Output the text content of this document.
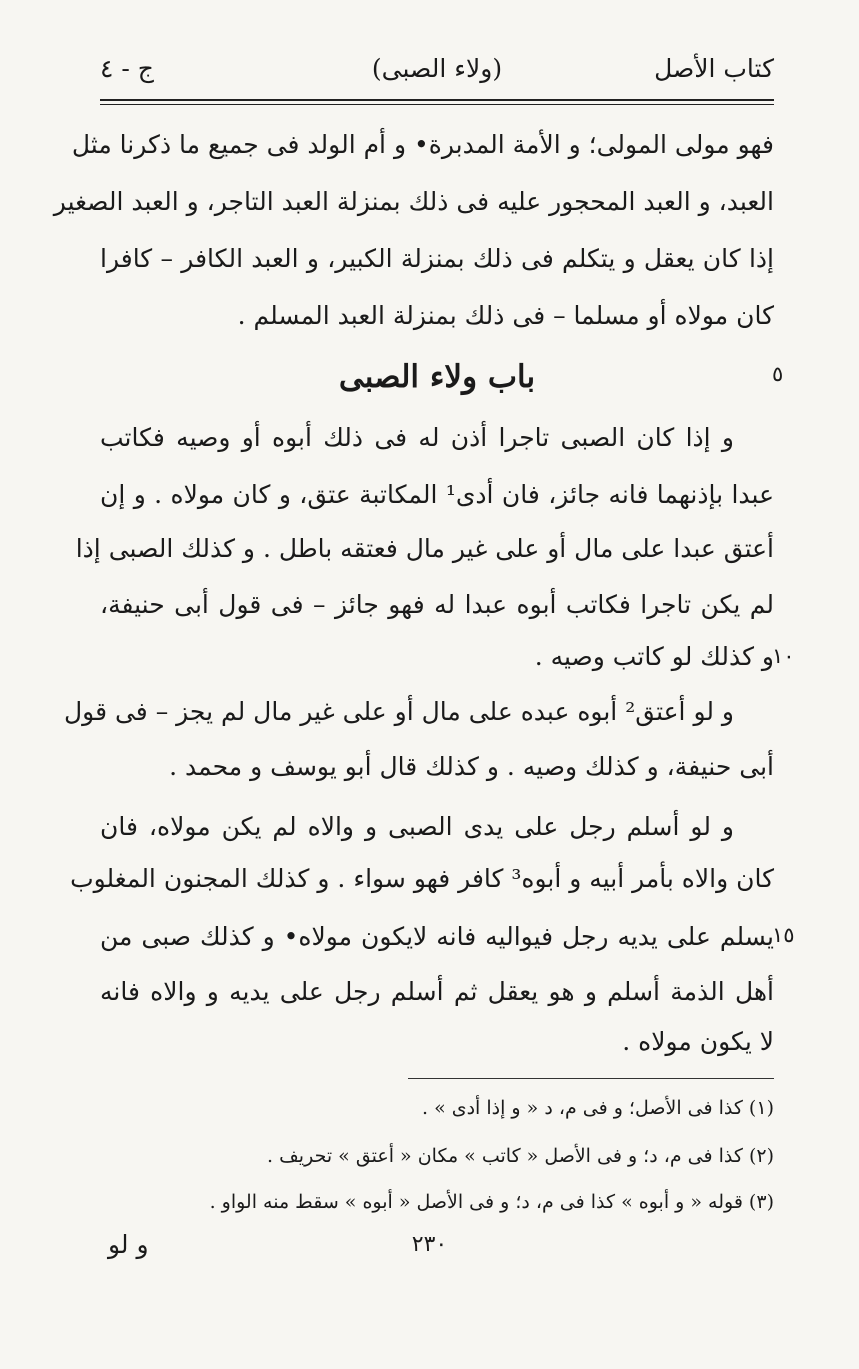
كتاب الأصل
(ولاء الصبى)
ج - ٤
فهو مولى المولى؛ و الأمة المدبرة• و أم الولد فى جميع ما ذكرنا مثل
العبد، و العبد المحجور عليه فى ذلك بمنزلة العبد التاجر، و العبد الصغير
إذا كان يعقل و يتكلم فى ذلك بمنزلة الكبير، و العبد الكافر – كافرا
كان مولاه أو مسلما – فى ذلك بمنزلة العبد المسلم .
باب ولاء الصبى	٥
و إذا كان الصبى تاجرا أذن له فى ذلك أبوه أو وصيه فكاتب
عبدا بإذنهما فانه جائز، فان أدى¹ المكاتبة عتق، و كان مولاه . و إن
أعتق عبدا على مال أو على غير مال فعتقه باطل . و كذلك الصبى إذا
لم يكن تاجرا فكاتب أبوه عبدا له فهو جائز – فى قول أبى حنيفة،
و كذلك لو كاتب وصيه .
١٠
و لو أعتق² أبوه عبده على مال أو على غير مال لم يجز – فى قول
أبى حنيفة، و كذلك وصيه . و كذلك قال أبو يوسف و محمد .
و لو أسلم رجل على يدى الصبى و والاه لم يكن مولاه، فان
كان والاه بأمر أبيه و أبوه³ كافر فهو سواء . و كذلك المجنون المغلوب
يسلم على يديه رجل فيواليه فانه لايكون مولاه• و كذلك صبى من
١٥
أهل الذمة أسلم و هو يعقل ثم أسلم رجل على يديه و والاه فانه
لا يكون مولاه .
(١) كذا فى الأصل؛ و فى م، د « و إذا أدى » .
(٢) كذا فى م، د؛ و فى الأصل « كاتب » مكان « أعتق » تحريف .
(٣) قوله « و أبوه » كذا فى م، د؛ و فى الأصل « أبوه » سقط منه الواو .
٢٣٠
و لو
